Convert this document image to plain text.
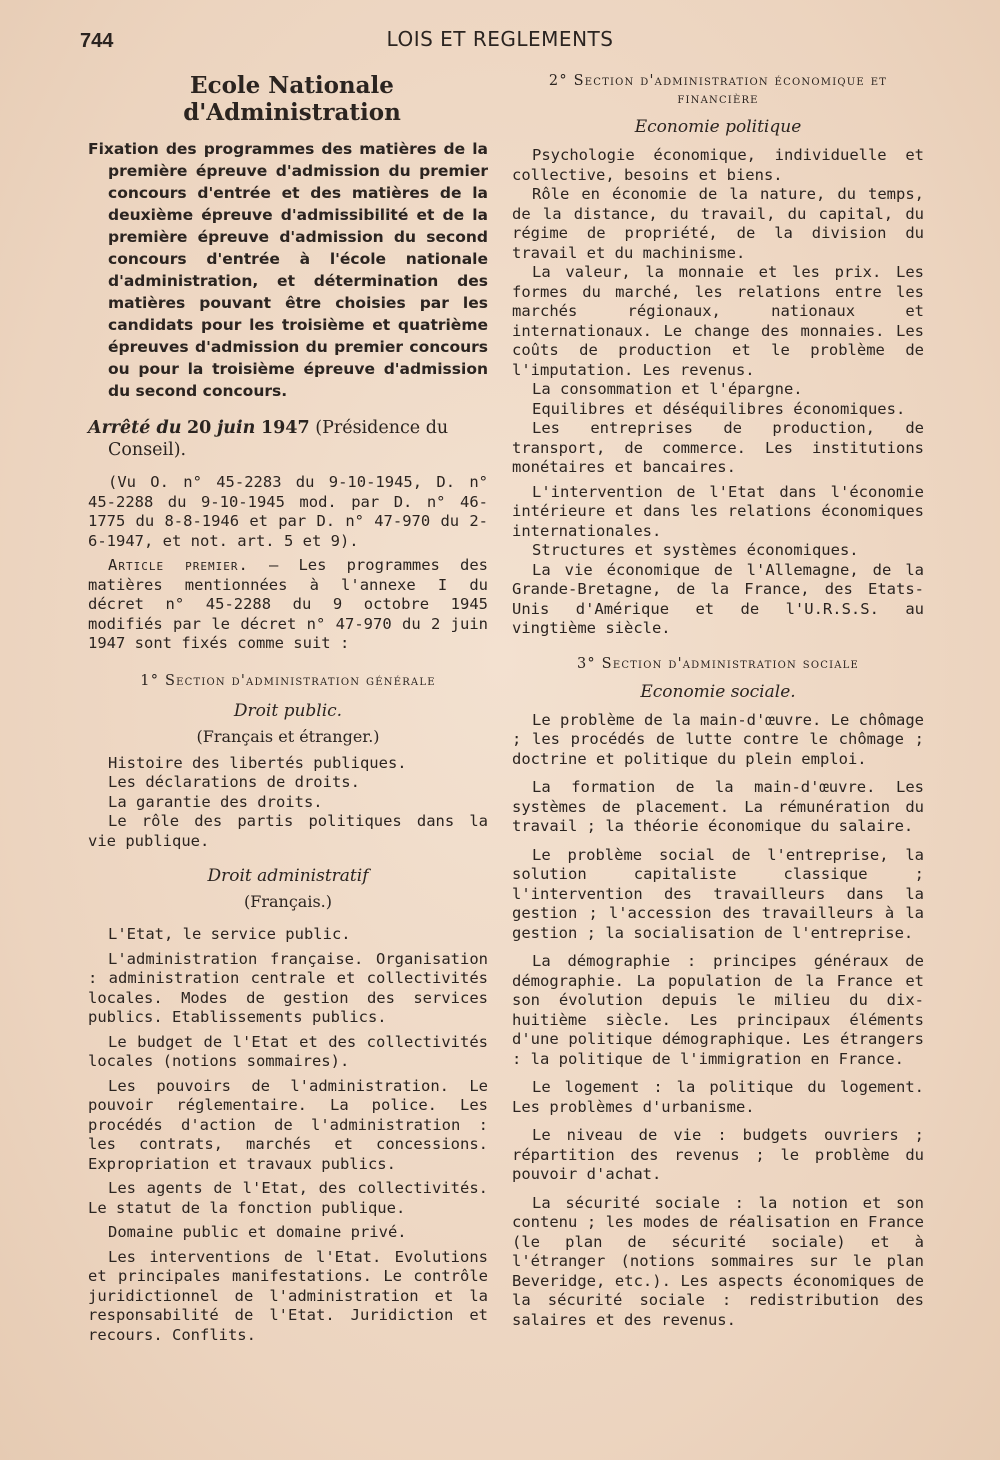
744	LOIS ET REGLEMENTS
Ecole Nationale
d'Administration
Fixation des programmes des matières de la première épreuve d'admission du premier concours d'entrée et des matières de la deuxième épreuve d'admissibilité et de la première épreuve d'admission du second concours d'entrée à l'école nationale d'administration, et détermination des matières pouvant être choisies par les candidats pour les troisième et quatrième épreuves d'admission du premier concours ou pour la troisième épreuve d'admission du second concours.
Arrêté du 20 juin 1947 (Présidence du Conseil).

(Vu O. n° 45-2283 du 9-10-1945, D. n° 45-2288 du 9-10-1945 mod. par D. n° 46-1775 du 8-8-1946 et par D. n° 47-970 du 2-6-1947, et not. art. 5 et 9).

Article premier. — Les programmes des matières mentionnées à l'annexe I du décret n° 45-2288 du 9 octobre 1945 modifiés par le décret n° 47-970 du 2 juin 1947 sont fixés comme suit :

1° Section d'administration générale
Droit public.
(Français et étranger.)

Histoire des libertés publiques.

Les déclarations de droits.

La garantie des droits.

Le rôle des partis politiques dans la vie publique.

Droit administratif
(Français.)

L'Etat, le service public.

L'administration française. Organisation : administration centrale et collectivités locales. Modes de gestion des services publics. Etablissements publics.

Le budget de l'Etat et des collectivités locales (notions sommaires).

Les pouvoirs de l'administration. Le pouvoir réglementaire. La police. Les procédés d'action de l'administration : les contrats, marchés et concessions. Expropriation et travaux publics.

Les agents de l'Etat, des collectivités. Le statut de la fonction publique.

Domaine public et domaine privé.

Les interventions de l'Etat. Evolutions et principales manifestations. Le contrôle juridictionnel de l'administration et la responsabilité de l'Etat. Juridiction et recours. Conflits.

2° Section d'administration économique et financière
Economie politique

Psychologie économique, individuelle et collective, besoins et biens.

Rôle en économie de la nature, du temps, de la distance, du travail, du capital, du régime de propriété, de la division du travail et du machinisme.

La valeur, la monnaie et les prix. Les formes du marché, les relations entre les marchés régionaux, nationaux et internationaux. Le change des monnaies. Les coûts de production et le problème de l'imputation. Les revenus.

La consommation et l'épargne.

Equilibres et déséquilibres économiques.

Les entreprises de production, de transport, de commerce. Les institutions monétaires et bancaires.

L'intervention de l'Etat dans l'économie intérieure et dans les relations économiques internationales.

Structures et systèmes économiques.

La vie économique de l'Allemagne, de la Grande-Bretagne, de la France, des Etats-Unis d'Amérique et de l'U.R.S.S. au vingtième siècle.

3° Section d'administration sociale
Economie sociale.

Le problème de la main-d'œuvre. Le chômage ; les procédés de lutte contre le chômage ; doctrine et politique du plein emploi.

La formation de la main-d'œuvre. Les systèmes de placement. La rémunération du travail ; la théorie économique du salaire.

Le problème social de l'entreprise, la solution capitaliste classique ; l'intervention des travailleurs dans la gestion ; l'accession des travailleurs à la gestion ; la socialisation de l'entreprise.

La démographie : principes généraux de démographie. La population de la France et son évolution depuis le milieu du dix-huitième siècle. Les principaux éléments d'une politique démographique. Les étrangers : la politique de l'immigration en France.

Le logement : la politique du logement. Les problèmes d'urbanisme.

Le niveau de vie : budgets ouvriers ; répartition des revenus ; le problème du pouvoir d'achat.

La sécurité sociale : la notion et son contenu ; les modes de réalisation en France (le plan de sécurité sociale) et à l'étranger (notions sommaires sur le plan Beveridge, etc.). Les aspects économiques de la sécurité sociale : redistribution des salaires et des revenus.
